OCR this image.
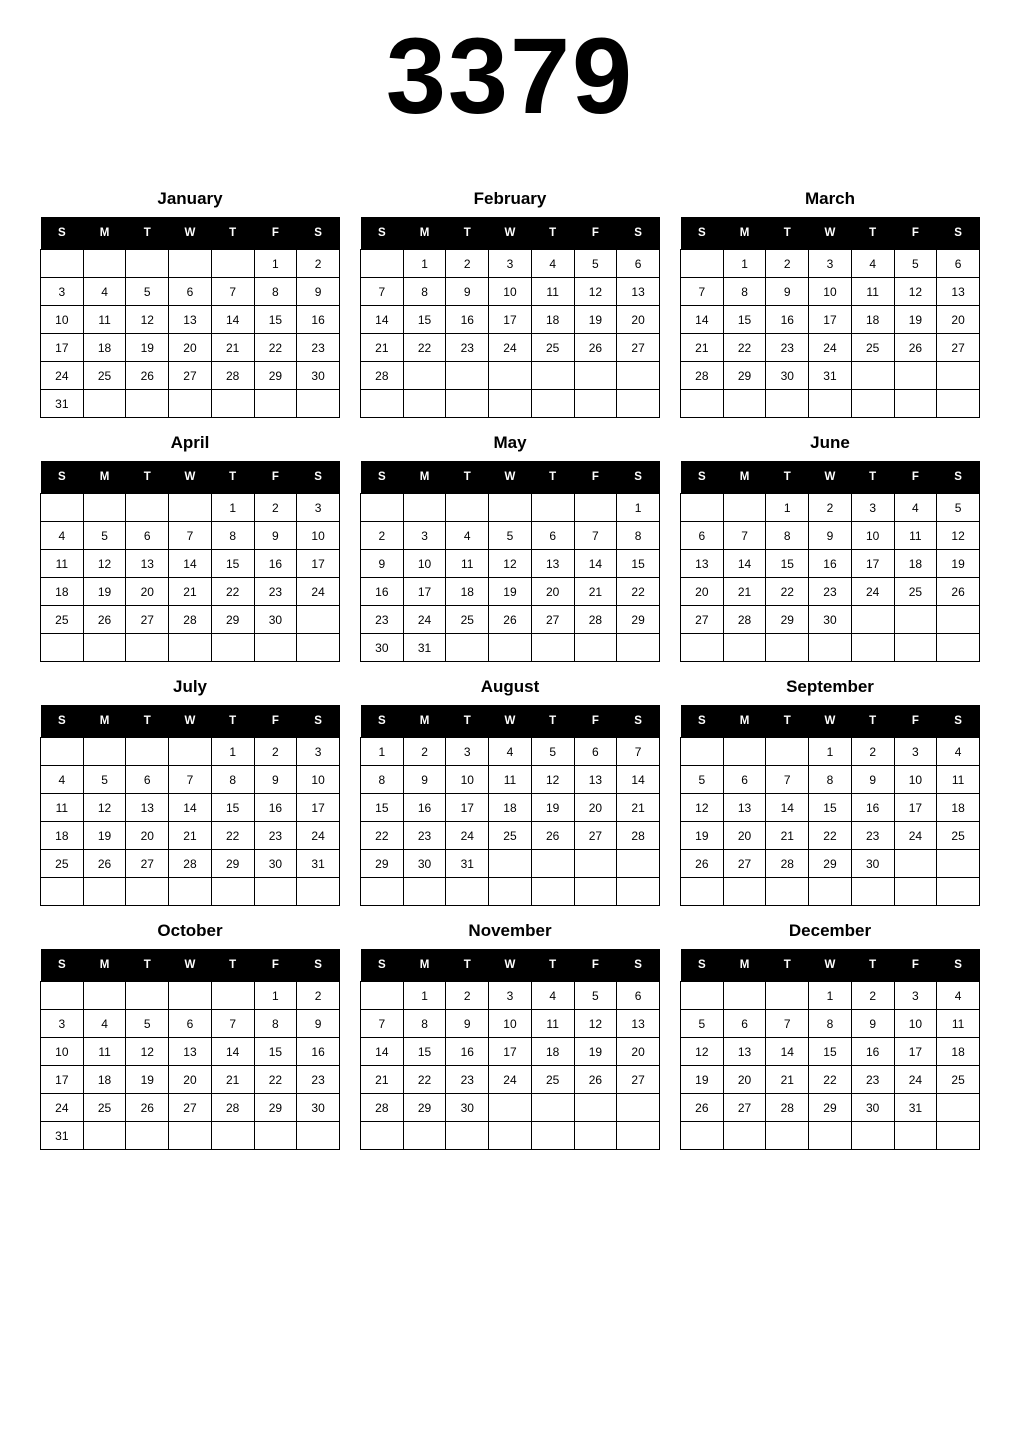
3379
January
S	M	T	W	T	F	S
					1	2
3	4	5	6	7	8	9
10	11	12	13	14	15	16
17	18	19	20	21	22	23
24	25	26	27	28	29	30
31						
February
S	M	T	W	T	F	S
	1	2	3	4	5	6
7	8	9	10	11	12	13
14	15	16	17	18	19	20
21	22	23	24	25	26	27
28						

March
S	M	T	W	T	F	S
	1	2	3	4	5	6
7	8	9	10	11	12	13
14	15	16	17	18	19	20
21	22	23	24	25	26	27
28	29	30	31			

April
S	M	T	W	T	F	S
				1	2	3
4	5	6	7	8	9	10
11	12	13	14	15	16	17
18	19	20	21	22	23	24
25	26	27	28	29	30	

May
S	M	T	W	T	F	S
						1
2	3	4	5	6	7	8
9	10	11	12	13	14	15
16	17	18	19	20	21	22
23	24	25	26	27	28	29
30	31					
June
S	M	T	W	T	F	S
		1	2	3	4	5
6	7	8	9	10	11	12
13	14	15	16	17	18	19
20	21	22	23	24	25	26
27	28	29	30			

July
S	M	T	W	T	F	S
				1	2	3
4	5	6	7	8	9	10
11	12	13	14	15	16	17
18	19	20	21	22	23	24
25	26	27	28	29	30	31

August
S	M	T	W	T	F	S
1	2	3	4	5	6	7
8	9	10	11	12	13	14
15	16	17	18	19	20	21
22	23	24	25	26	27	28
29	30	31				

September
S	M	T	W	T	F	S
			1	2	3	4
5	6	7	8	9	10	11
12	13	14	15	16	17	18
19	20	21	22	23	24	25
26	27	28	29	30		

October
S	M	T	W	T	F	S
					1	2
3	4	5	6	7	8	9
10	11	12	13	14	15	16
17	18	19	20	21	22	23
24	25	26	27	28	29	30
31						
November
S	M	T	W	T	F	S
	1	2	3	4	5	6
7	8	9	10	11	12	13
14	15	16	17	18	19	20
21	22	23	24	25	26	27
28	29	30				

December
S	M	T	W	T	F	S
			1	2	3	4
5	6	7	8	9	10	11
12	13	14	15	16	17	18
19	20	21	22	23	24	25
26	27	28	29	30	31	
